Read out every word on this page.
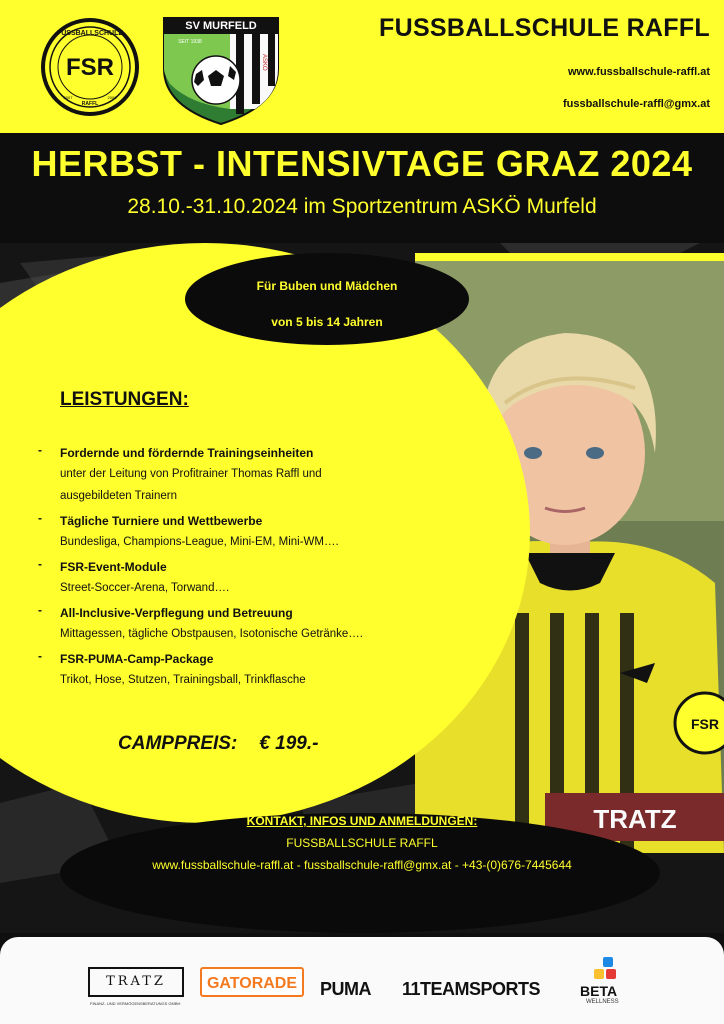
FSR
FUSSBALLSCHULE
RAFFL
2007	2008
SV MURFELD
SEIT 1938
ASKÖ
FUSSBALLSCHULE RAFFL
www.fussballschule-raffl.at
fussballschule-raffl@gmx.at
HERBST - INTENSIVTAGE GRAZ 2024
28.10.-31.10.2024 im Sportzentrum ASKÖ Murfeld
TRATZ
FSR
Für Buben und Mädchen
von 5 bis 14 Jahren
LEISTUNGEN:
- Fordernde und fördernde Trainingseinheiten
unter der Leitung von Profitrainer Thomas Raffl und
ausgebildeten Trainern
- Tägliche Turniere und Wettbewerbe
Bundesliga, Champions-League, Mini-EM, Mini-WM….
- FSR-Event-Module
Street-Soccer-Arena, Torwand….
- All-Inclusive-Verpflegung und Betreuung
Mittagessen, tägliche Obstpausen, Isotonische Getränke….
- FSR-PUMA-Camp-Package
Trikot, Hose, Stutzen, Trainingsball, Trinkflasche
CAMPPREIS: € 199.-
KONTAKT, INFOS UND ANMELDUNGEN:
FUSSBALLSCHULE RAFFL
www.fussballschule-raffl.at - fussballschule-raffl@gmx.at - +43-(0)676-7445644
TRATZ
FINANZ- UND VERMÖGENSBERATUNGS GMBH
GATORADE	PUMA 11TEAMSPORTS	BETA
WELLNESS
